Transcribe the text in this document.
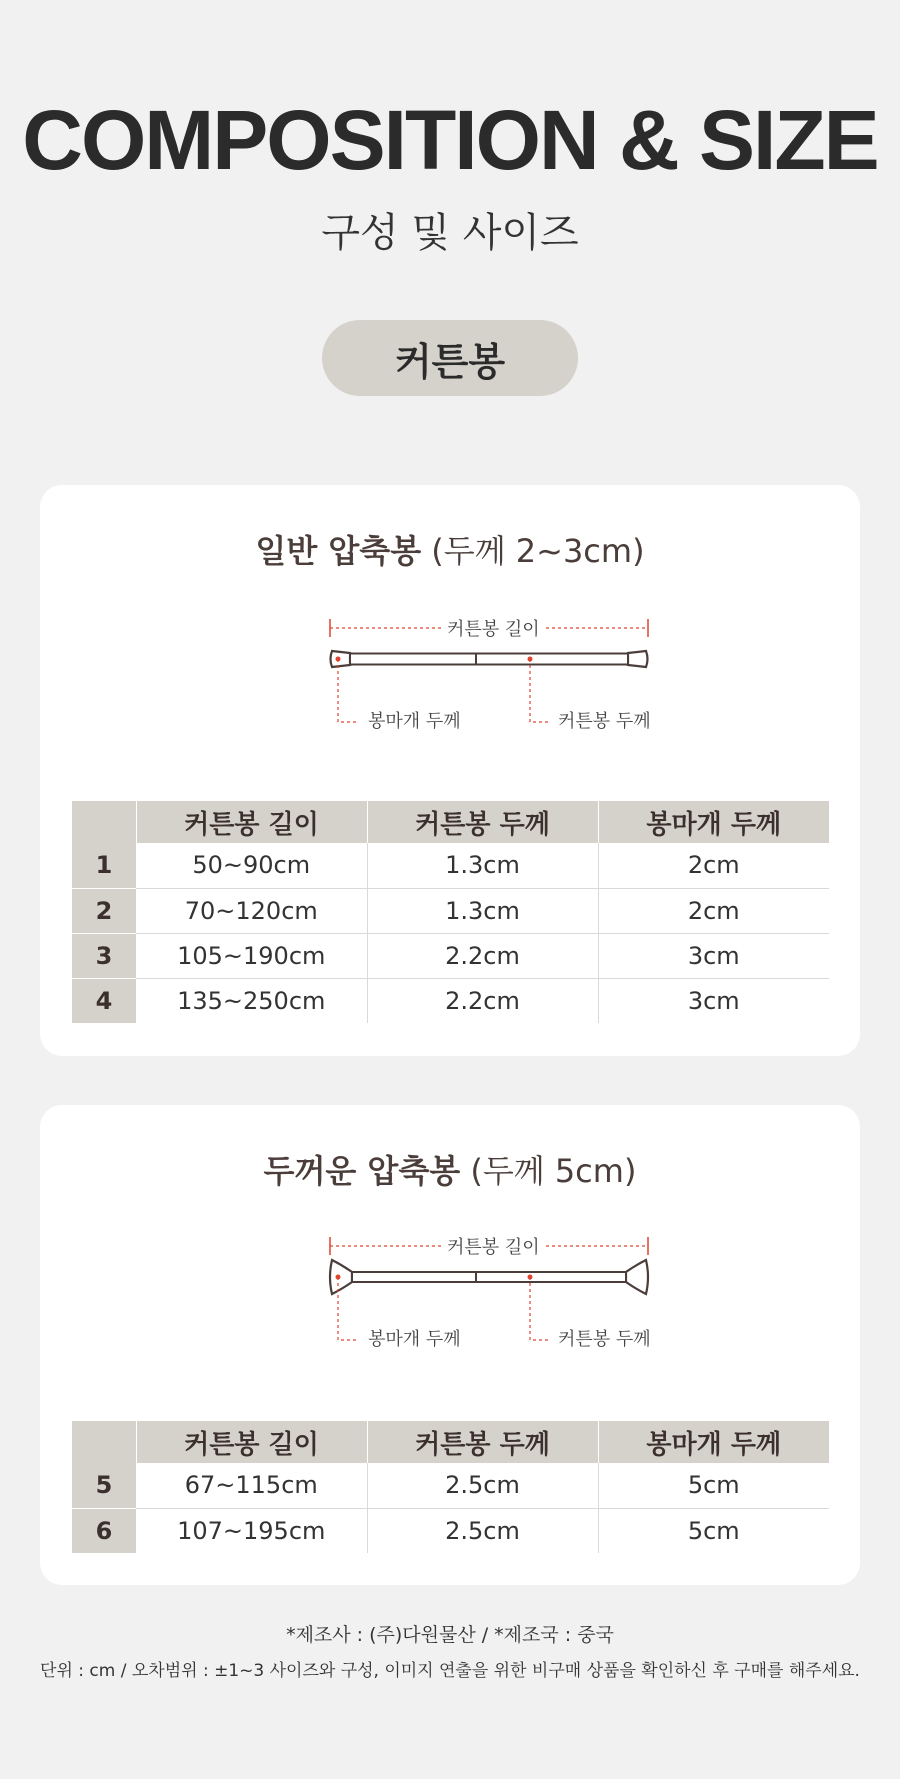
COMPOSITION & SIZE
구성 및 사이즈
커튼봉
일반 압축봉 (두께 2~3cm)
커튼봉 길이
봉마개 두께	커튼봉 두께
	커튼봉 길이	커튼봉 두께	봉마개 두께
1	50~90cm	1.3cm	2cm
2	70~120cm	1.3cm	2cm
3	105~190cm	2.2cm	3cm
4	135~250cm	2.2cm	3cm
두꺼운 압축봉 (두께 5cm)
커튼봉 길이
봉마개 두께	커튼봉 두께
	커튼봉 길이	커튼봉 두께	봉마개 두께
5	67~115cm	2.5cm	5cm
6	107~195cm	2.5cm	5cm
*제조사 : (주)다원물산 / *제조국 : 중국
단위 : cm / 오차범위 : ±1~3 사이즈와 구성, 이미지 연출을 위한 비구매 상품을 확인하신 후 구매를 해주세요.
